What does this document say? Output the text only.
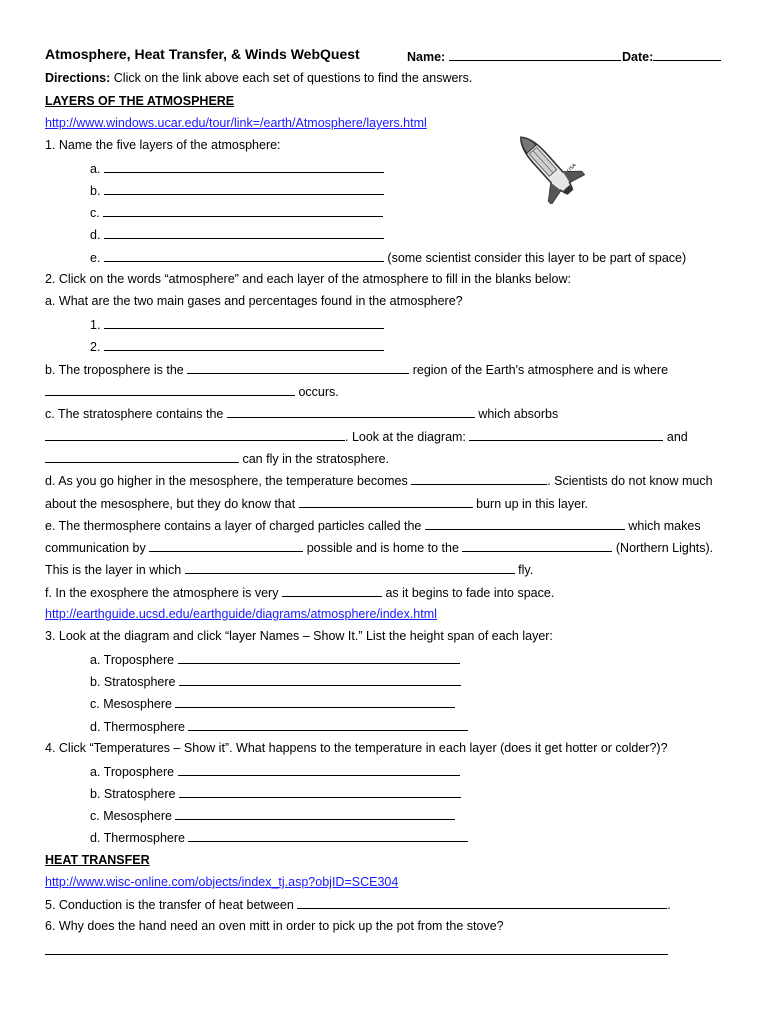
Atmosphere, Heat Transfer, & Winds WebQuest	Name:	Date:
Directions: Click on the link above each set of questions to find the answers.
LAYERS OF THE ATMOSPHERE
http://www.windows.ucar.edu/tour/link=/earth/Atmosphere/layers.html
1. Name the five layers of the atmosphere:
a.
b.
c.
d.
e.	(some scientist consider this layer to be part of space)
USA
2. Click on the words “atmosphere” and each layer of the atmosphere to fill in the blanks below:
a. What are the two main gases and percentages found in the atmosphere?
1.
2.
b. The troposphere is the	region of the Earth's atmosphere and is where
occurs.
c. The stratosphere contains the	which absorbs
. Look at the diagram:	and
can fly in the stratosphere.
d. As you go higher in the mesosphere, the temperature becomes	. Scientists do not know much
about the mesosphere, but they do know that	burn up in this layer.
e. The thermosphere contains a layer of charged particles called the	which makes
communication by	possible and is home to the	(Northern Lights).
This is the layer in which	fly.
f. In the exosphere the atmosphere is very	as it begins to fade into space.
http://earthguide.ucsd.edu/earthguide/diagrams/atmosphere/index.html
3. Look at the diagram and click “layer Names – Show It.” List the height span of each layer:
a. Troposphere
b. Stratosphere
c. Mesosphere
d. Thermosphere
4. Click “Temperatures – Show it”. What happens to the temperature in each layer (does it get hotter or colder?)?
a. Troposphere
b. Stratosphere
c. Mesosphere
d. Thermosphere
HEAT TRANSFER
http://www.wisc-online.com/objects/index_tj.asp?objID=SCE304
5. Conduction is the transfer of heat between	.
6. Why does the hand need an oven mitt in order to pick up the pot from the stove?
